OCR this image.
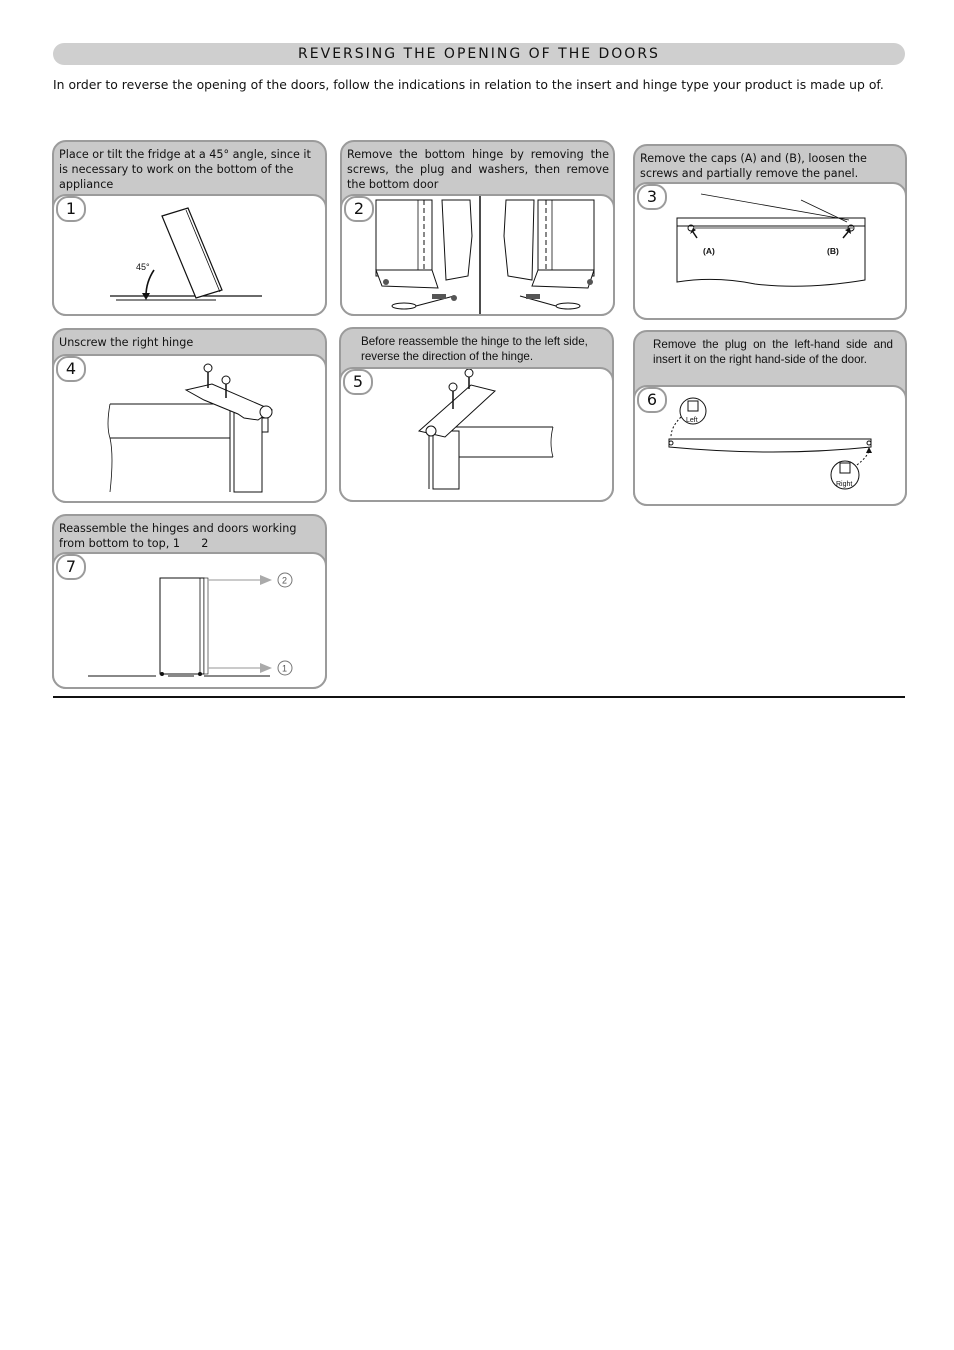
REVERSING THE OPENING OF THE DOORS
In order to reverse the opening of the doors, follow the indications in relation to the insert and hinge type your product is made up of.
Place or tilt the fridge at a 45° angle, since it is necessary to work on the bottom of the appliance
45°
1
Remove the bottom hinge by removing the screws, the plug and washers, then remove the bottom door
2
Remove the caps (A) and (B), loosen the screws and partially remove the panel.
(A)	(B)
3
Unscrew the right hinge
4
Before reassemble the hinge to the left side, reverse the direction of the hinge.
5
Remove the plug on the left-hand side and insert it on the right hand-side of the door.
Left
Right
6
Reassemble the hinges and doors working from bottom to top, 1      2
2
1
7
